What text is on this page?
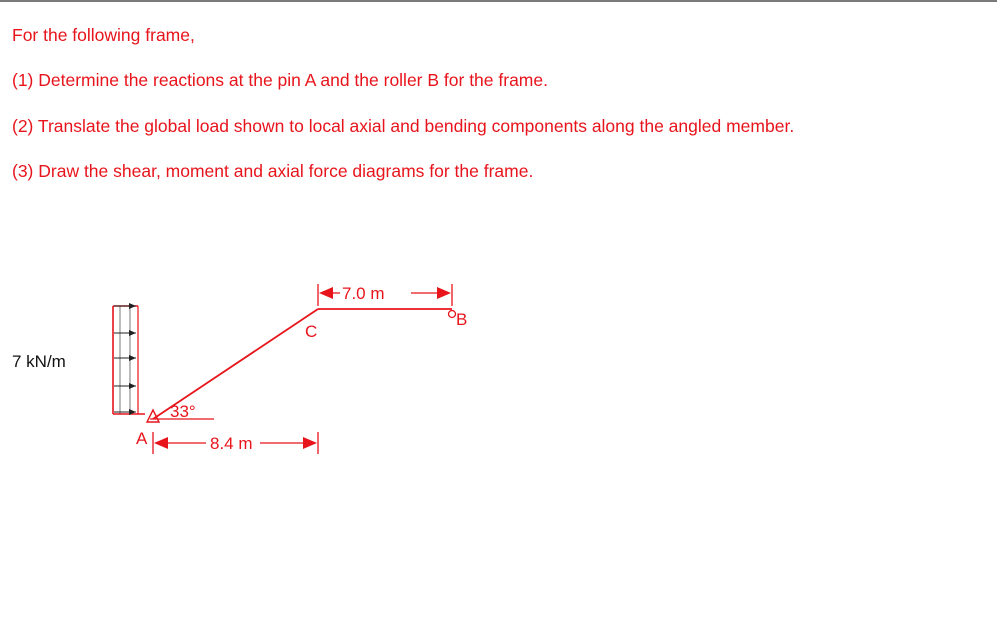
For the following frame,
(1) Determine the reactions at the pin A and the roller B for the frame.
(2) Translate the global load shown to local axial and bending components along the angled member.
(3) Draw the shear, moment and axial force diagrams for the frame.
7 kN/m
33°
A
B
C
7.0 m
8.4 m
